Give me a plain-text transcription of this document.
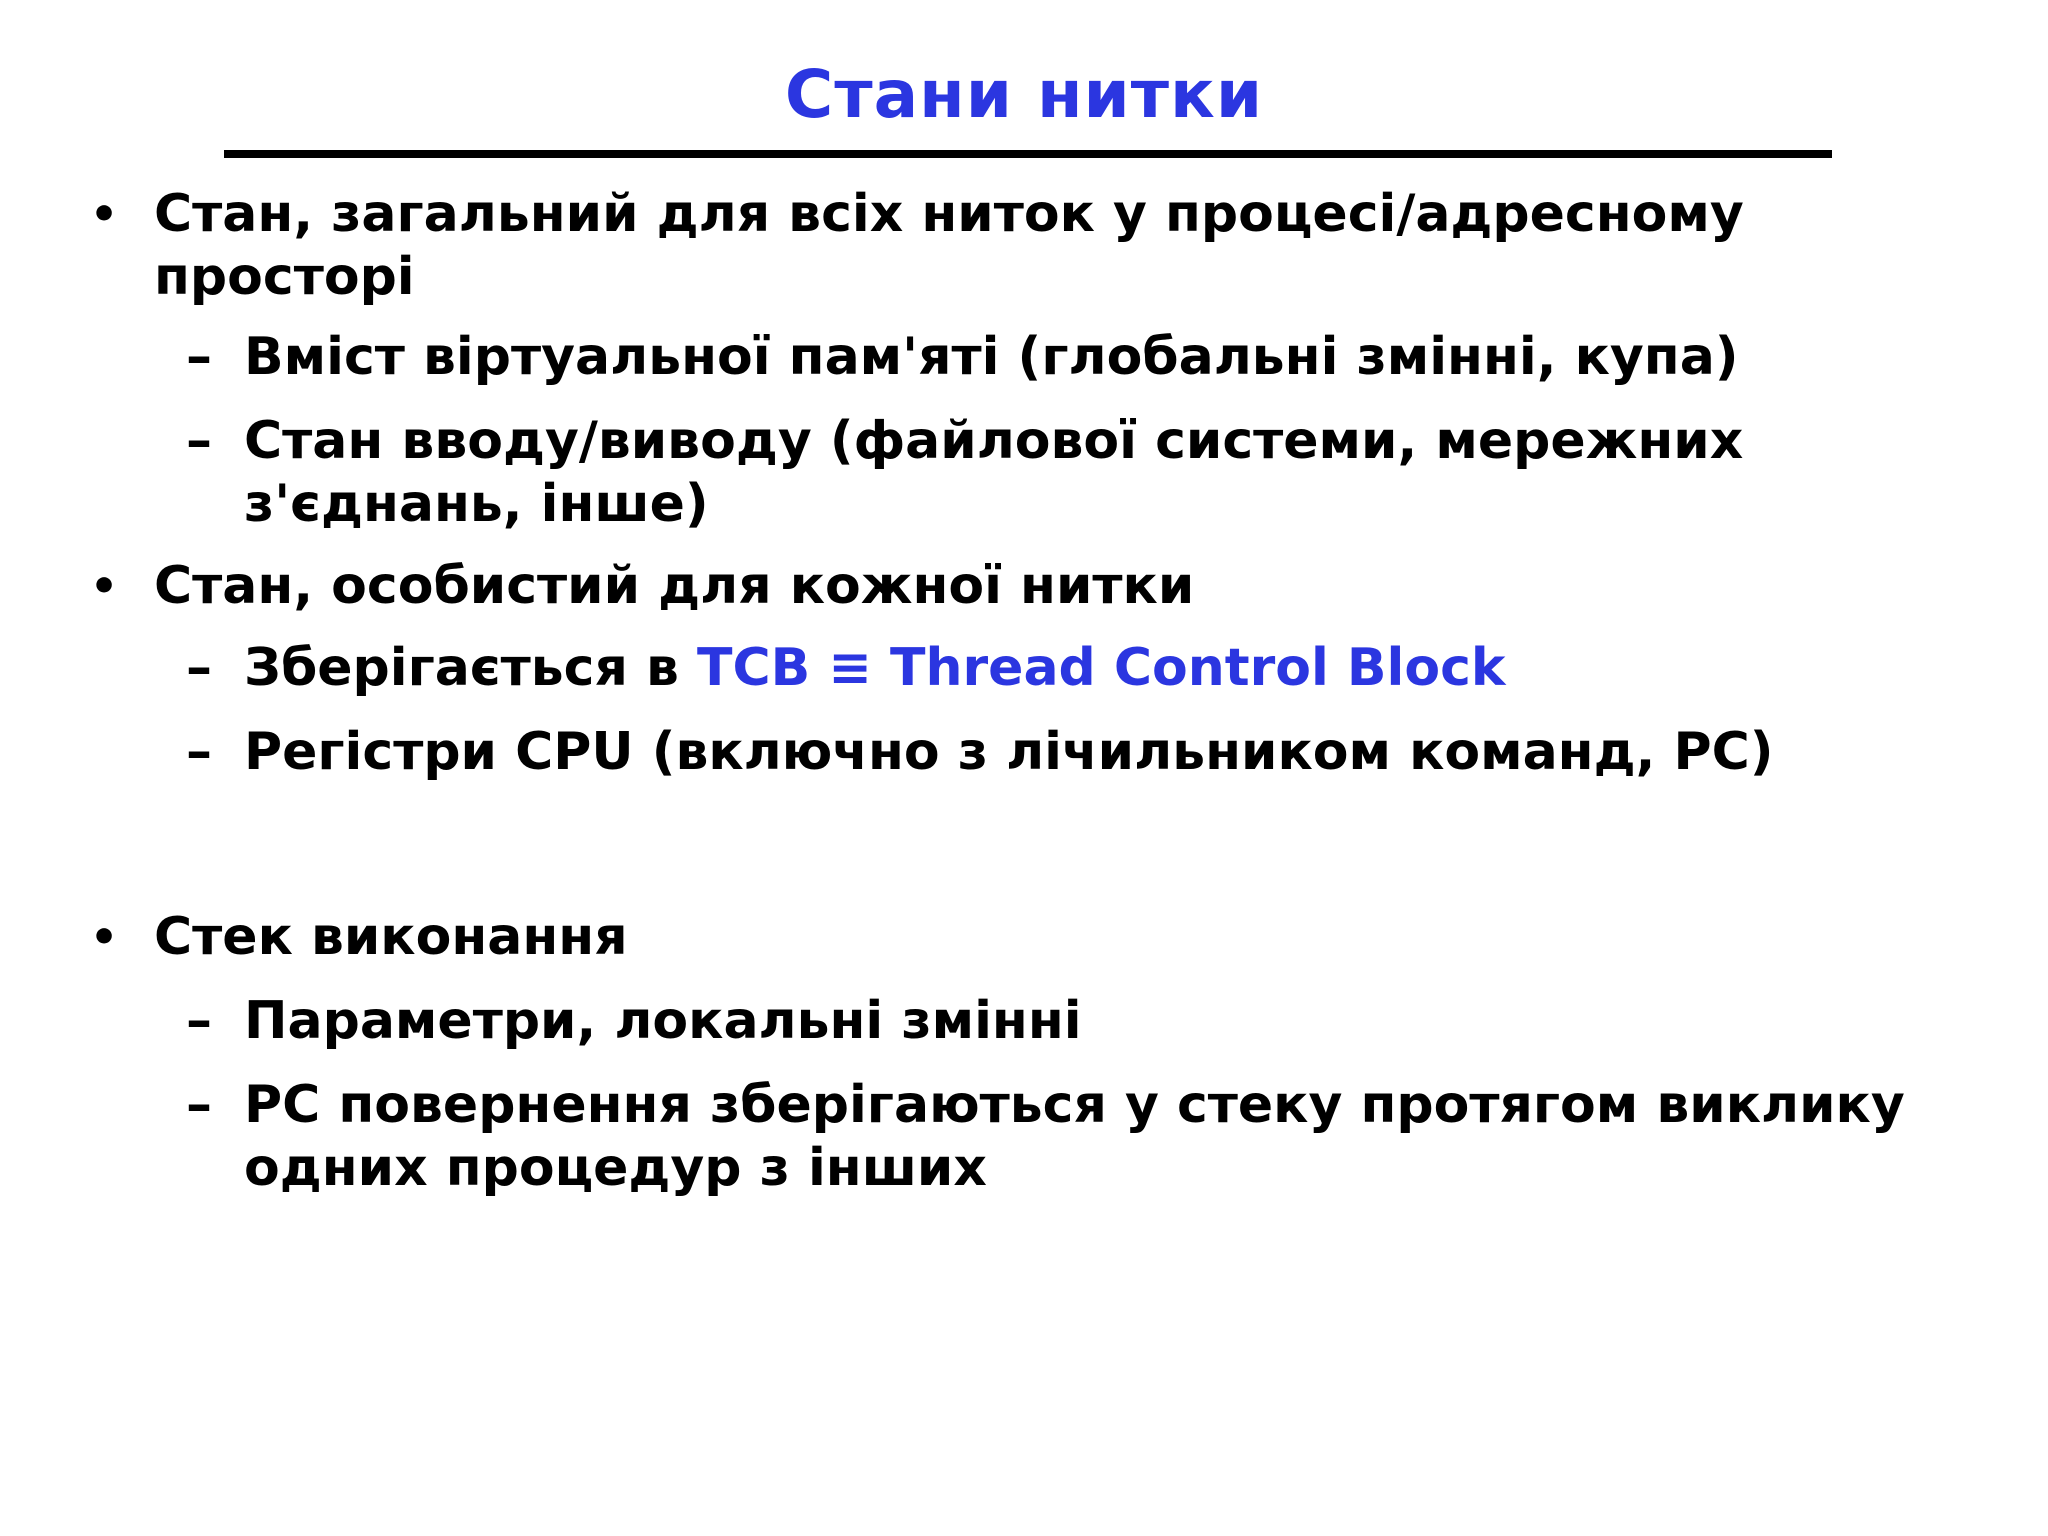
Стани нитки
• Стан, загальний для всіх ниток у процесі/адресному
просторі
– Вміст віртуальної пам'яті (глобальні змінні, купа)
– Стан вводу/виводу (файлової системи, мережних
з'єднань, інше)
• Стан, особистий для кожної нитки
– Зберігається в TCB ≡ Thread Control Block
– Регістри CPU (включно з лічильником команд, PC)
• Стек виконання
– Параметри, локальні змінні
– PC повернення зберігаються у стеку протягом виклику
одних процедур з інших
